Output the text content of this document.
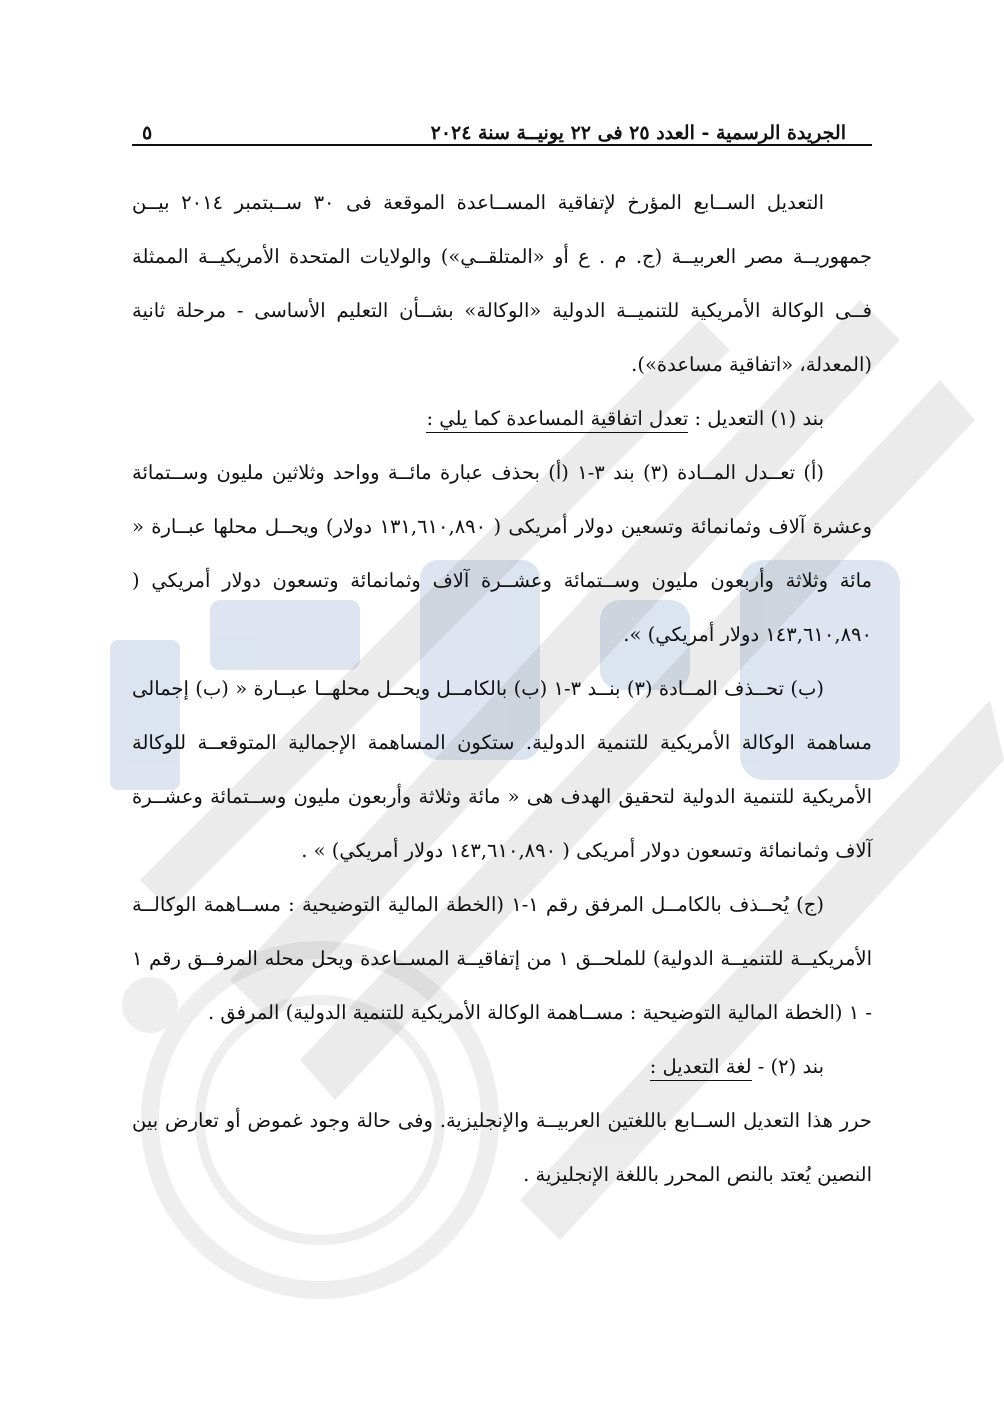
الجريدة الرسمية - العدد ٢٥ فى ٢٢ يونيــة سنة ٢٠٢٤
٥

التعديل الســابع المؤرخ لإتفاقية المســاعدة الموقعة فى ٣٠ ســبتمبر ٢٠١٤ بيــن جمهوريــة مصر العربيــة (ج. م . ع أو «المتلقــي») والولايات المتحدة الأمريكيــة الممثلة فــى الوكالة الأمريكية للتنميــة الدولية «الوكالة» بشــأن التعليم الأساسى - مرحلة ثانية (المعدلة، «اتفاقية مساعدة»).

بند (١) التعديل : تعدل اتفاقية المساعدة كما يلي :

(أ) تعــدل المــادة (٣) بند ٣-١ (أ) بحذف عبارة مائــة وواحد وثلاثين مليون وســتمائة وعشرة آلاف وثمانمائة وتسعين دولار أمريكى ( ١٣١,٦١٠,٨٩٠ دولار) ويحــل محلها عبــارة « مائة وثلاثة وأربعون مليون وســتمائة وعشــرة آلاف وثمانمائة وتسعون دولار أمريكي ( ١٤٣,٦١٠,٨٩٠ دولار أمريكي) ».

(ب) تحــذف المــادة (٣) بنــد ٣-١ (ب) بالكامــل ويحــل محلهــا عبــارة « (ب) إجمالى مساهمة الوكالة الأمريكية للتنمية الدولية. ستكون المساهمة الإجمالية المتوقعــة للوكالة الأمريكية للتنمية الدولية لتحقيق الهدف هى « مائة وثلاثة وأربعون مليون وســتمائة وعشــرة آلاف وثمانمائة وتسعون دولار أمريكى ( ١٤٣,٦١٠,٨٩٠ دولار أمريكي) » .

(ج) يُحــذف بالكامــل المرفق رقم ١-١ (الخطة المالية التوضيحية : مســاهمة الوكالــة الأمريكيــة للتنميــة الدولية) للملحــق ١ من إتفاقيــة المســاعدة ويحل محله المرفــق رقم ١ - ١ (الخطة المالية التوضيحية : مســاهمة الوكالة الأمريكية للتنمية الدولية) المرفق .

بند (٢) - لغة التعديل :

حرر هذا التعديل الســابع باللغتين العربيــة والإنجليزية. وفى حالة وجود غموض أو تعارض بين النصين يُعتد بالنص المحرر باللغة الإنجليزية .
